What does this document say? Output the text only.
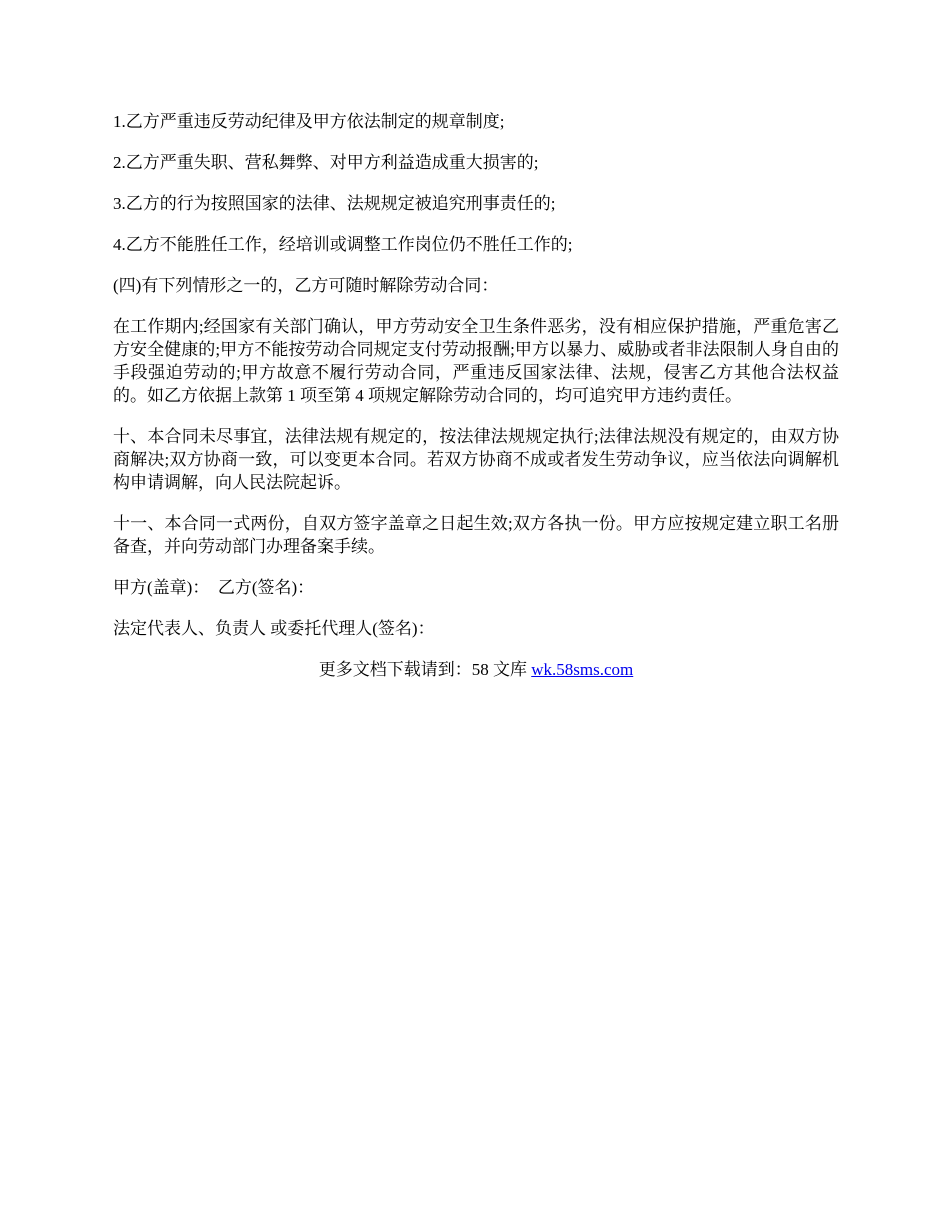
1.乙方严重违反劳动纪律及甲方依法制定的规章制度;

2.乙方严重失职、营私舞弊、对甲方利益造成重大损害的;

3.乙方的行为按照国家的法律、法规规定被追究刑事责任的;

4.乙方不能胜任工作，经培训或调整工作岗位仍不胜任工作的;

(四)有下列情形之一的，乙方可随时解除劳动合同：

在工作期内;经国家有关部门确认，甲方劳动安全卫生条件恶劣，没有相应保护措施，严重危害乙方安全健康的;甲方不能按劳动合同规定支付劳动报酬;甲方以暴力、威胁或者非法限制人身自由的手段强迫劳动的;甲方故意不履行劳动合同，严重违反国家法律、法规，侵害乙方其他合法权益的。如乙方依据上款第 1 项至第 4 项规定解除劳动合同的，均可追究甲方违约责任。

十、本合同未尽事宜，法律法规有规定的，按法律法规规定执行;法律法规没有规定的，由双方协商解决;双方协商一致，可以变更本合同。若双方协商不成或者发生劳动争议，应当依法向调解机构申请调解，向人民法院起诉。

十一、本合同一式两份，自双方签字盖章之日起生效;双方各执一份。甲方应按规定建立职工名册备查，并向劳动部门办理备案手续。

甲方(盖章)：  乙方(签名)：

法定代表人、负责人 或委托代理人(签名)：

更多文档下载请到：58 文库 wk.58sms.com
